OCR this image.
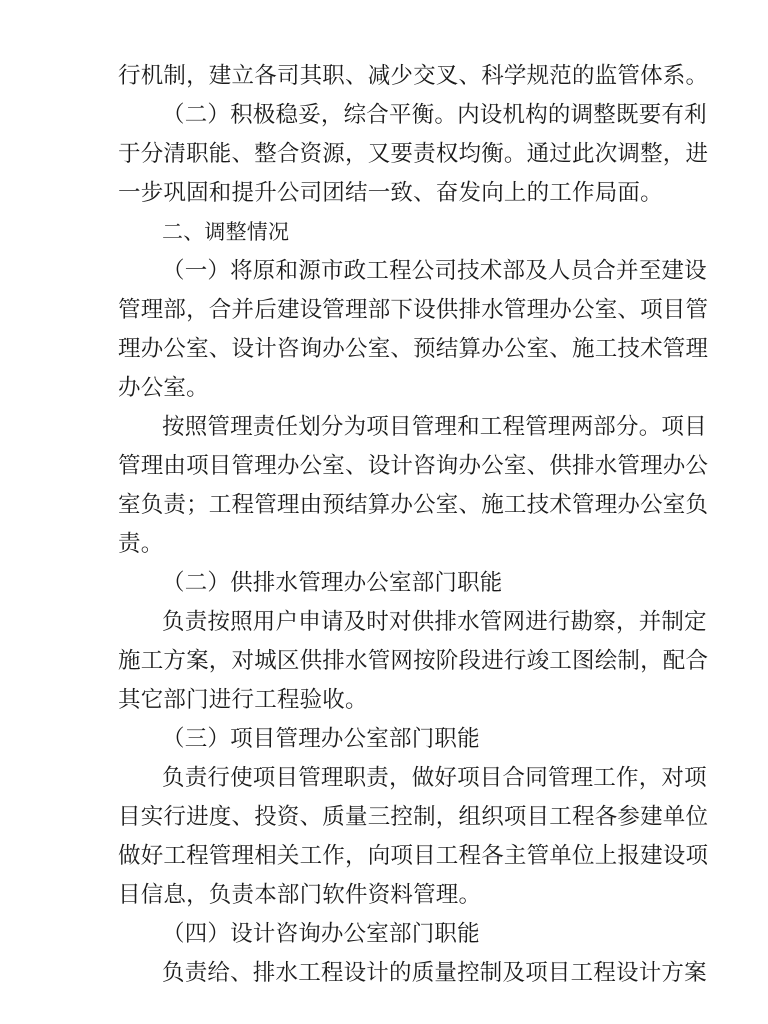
行机制，建立各司其职、减少交叉、科学规范的监管体系。
（二）积极稳妥，综合平衡。内设机构的调整既要有利
于分清职能、整合资源，又要责权均衡。通过此次调整，进
一步巩固和提升公司团结一致、奋发向上的工作局面。
二、调整情况
（一）将原和源市政工程公司技术部及人员合并至建设
管理部，合并后建设管理部下设供排水管理办公室、项目管
理办公室、设计咨询办公室、预结算办公室、施工技术管理
办公室。
按照管理责任划分为项目管理和工程管理两部分。项目
管理由项目管理办公室、设计咨询办公室、供排水管理办公
室负责；工程管理由预结算办公室、施工技术管理办公室负
责。
（二）供排水管理办公室部门职能
负责按照用户申请及时对供排水管网进行勘察，并制定
施工方案，对城区供排水管网按阶段进行竣工图绘制，配合
其它部门进行工程验收。
（三）项目管理办公室部门职能
负责行使项目管理职责，做好项目合同管理工作，对项
目实行进度、投资、质量三控制，组织项目工程各参建单位
做好工程管理相关工作，向项目工程各主管单位上报建设项
目信息，负责本部门软件资料管理。
（四）设计咨询办公室部门职能
负责给、排水工程设计的质量控制及项目工程设计方案
